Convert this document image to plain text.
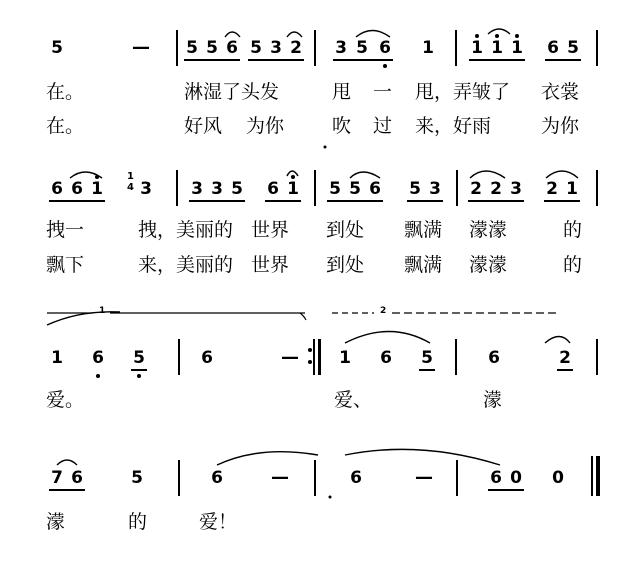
5	— 5 5 6 5 3 2 3 5 6 1 1 1 1 6 5
在。	淋湿了头发	甩 一 甩，弄皱了 衣裳
在。	好风 为你	吹 过 来，好雨	为你
6 6 1
1
4 3 3 3 5 6 1 5 5 6 5 3 2 2 3 2 1
拽一	拽，美丽的 世界 到处 飘满 濛濛	的
飘下	来，美丽的 世界 到处 飘满 濛濛	的
1	2
1 6 5	6	— 1 6 5	6	2
爱。	爱、	濛
7 6	5	6	—	6	—	6 0 0
濛	的	爱！
